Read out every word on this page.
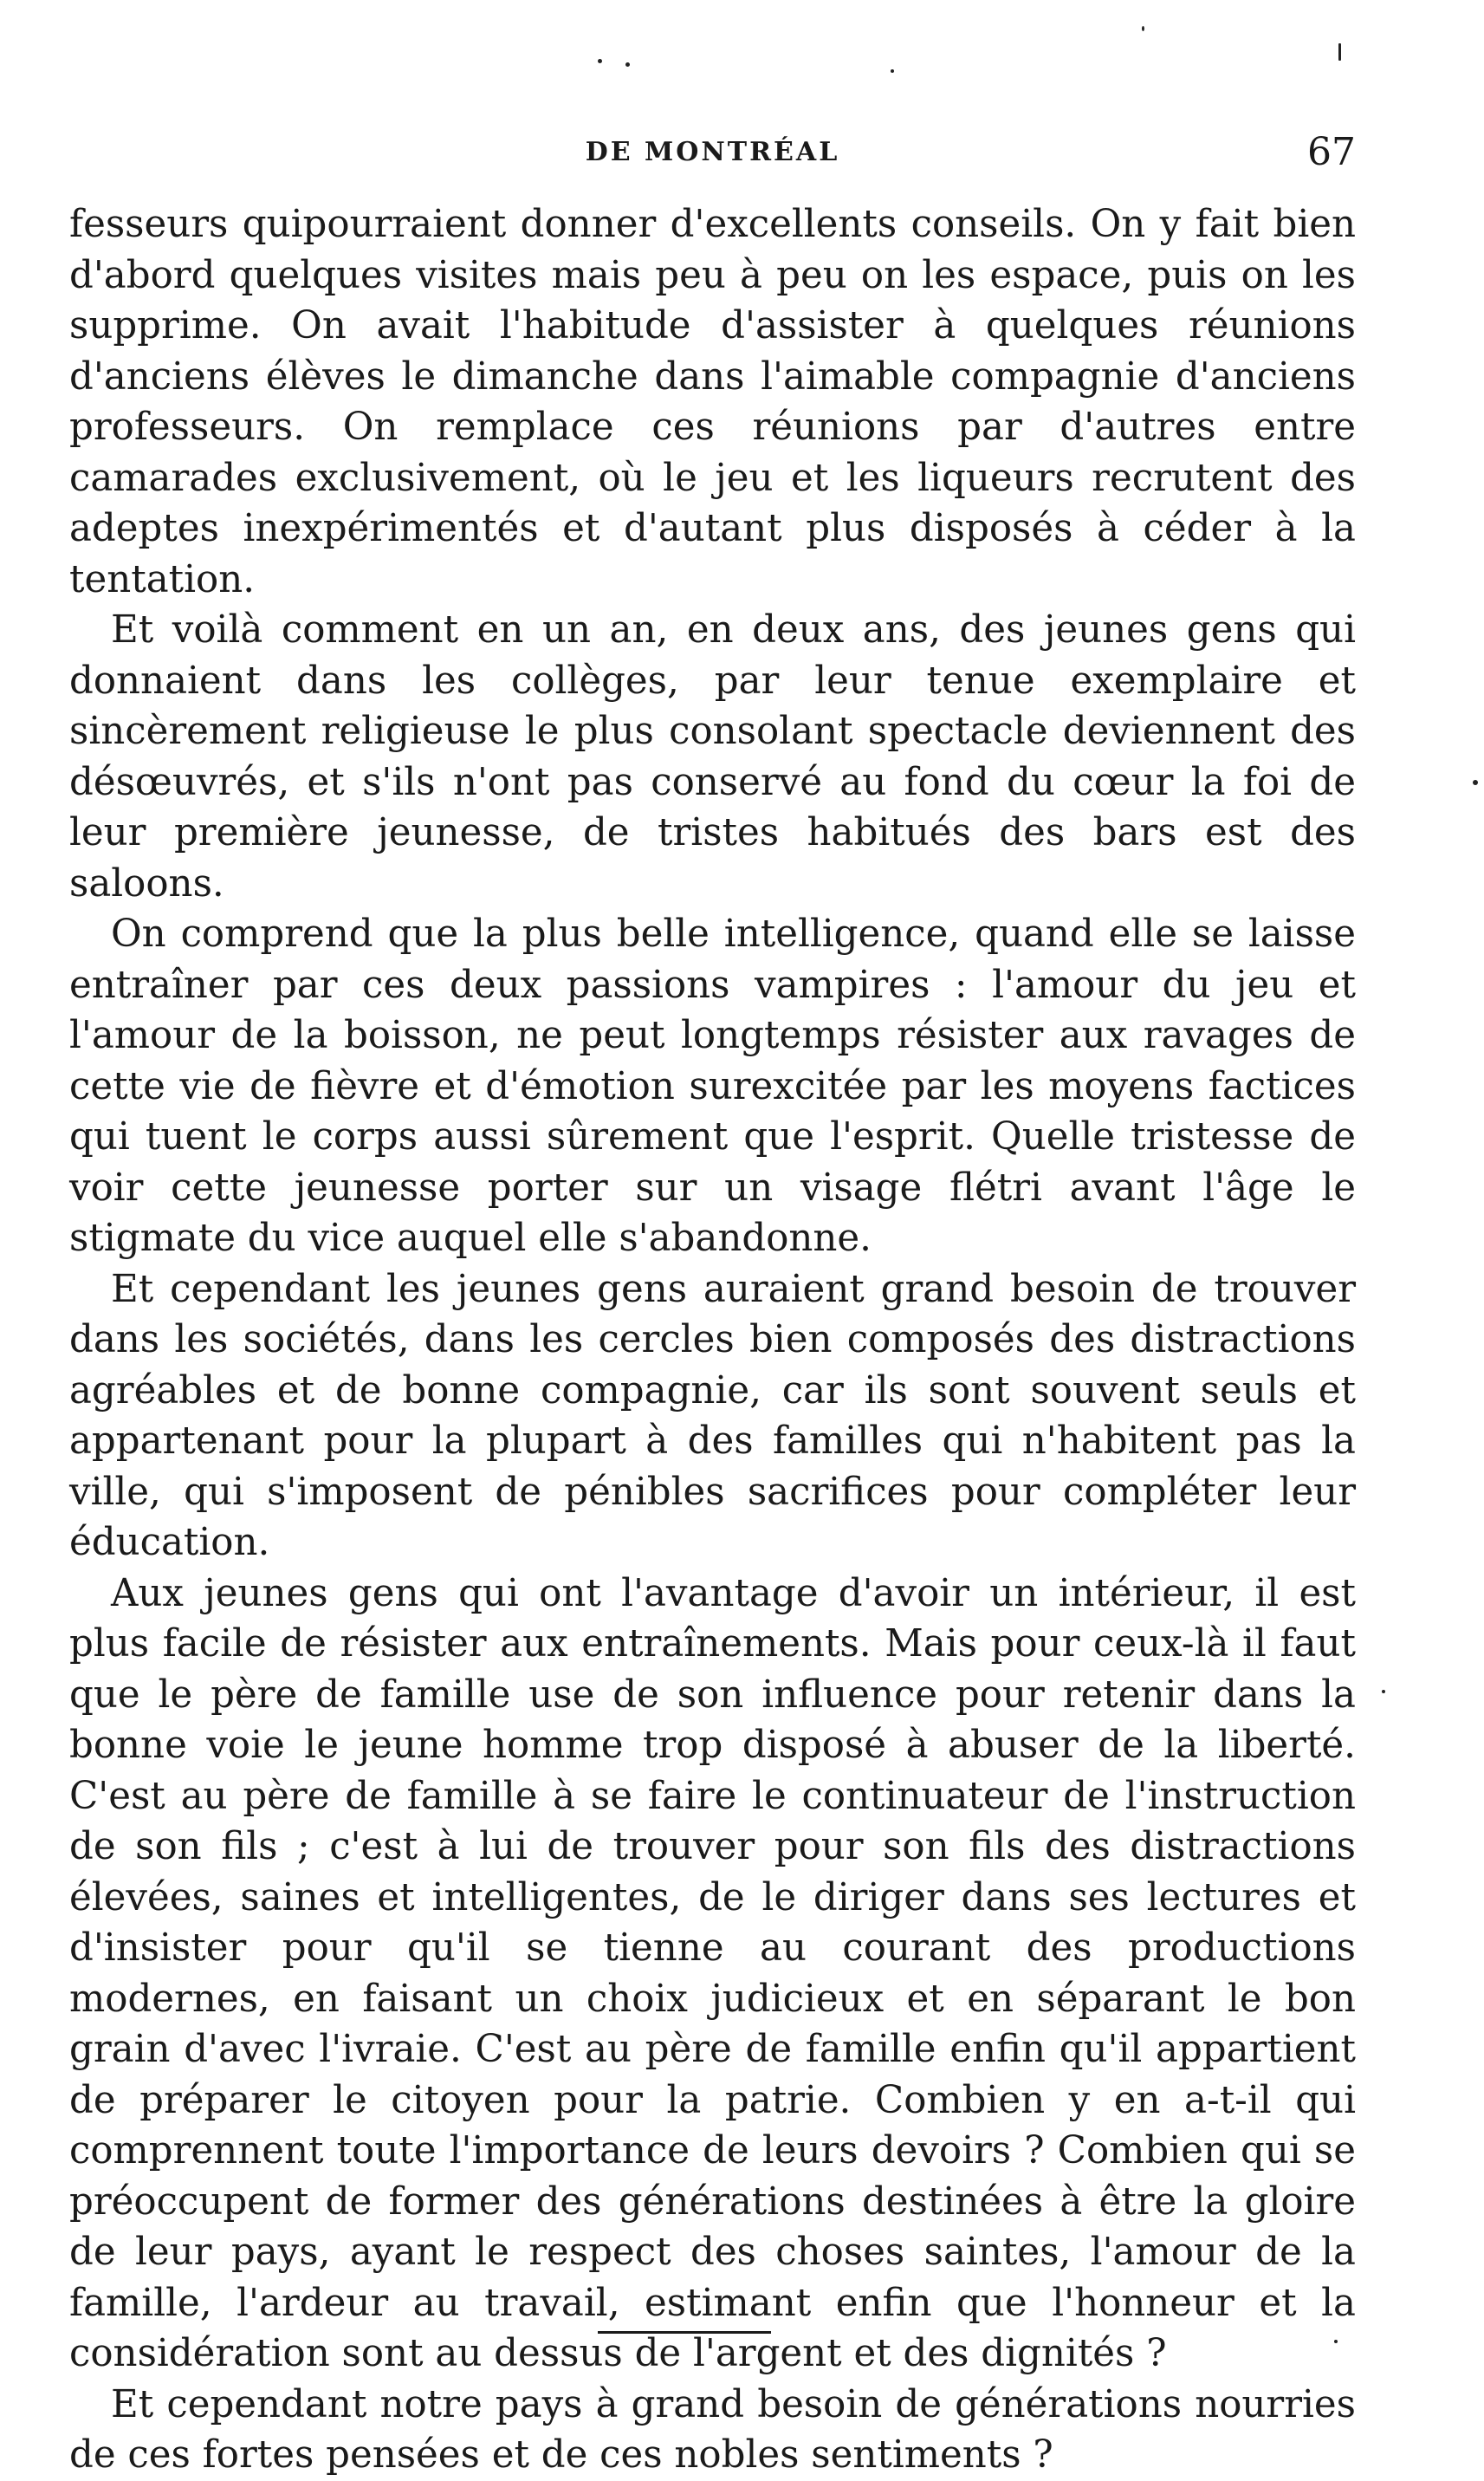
DE MONTRÉAL	67

fesseurs quipourraient donner d'excellents conseils. On y fait bien d'abord quelques visites mais peu à peu on les espace, puis on les supprime. On avait l'habitude d'assister à quelques réunions d'anciens élèves le dimanche dans l'aimable compagnie d'anciens professeurs. On remplace ces réunions par d'autres entre camarades exclusivement, où le jeu et les liqueurs recrutent des adeptes inexpérimentés et d'autant plus disposés à céder à la tentation.

Et voilà comment en un an, en deux ans, des jeunes gens qui donnaient dans les collèges, par leur tenue exemplaire et sincèrement religieuse le plus consolant spectacle deviennent des désœuvrés, et s'ils n'ont pas conservé au fond du cœur la foi de leur première jeunesse, de tristes habitués des bars est des saloons.

On comprend que la plus belle intelligence, quand elle se laisse entraîner par ces deux passions vampires : l'amour du jeu et l'amour de la boisson, ne peut longtemps résister aux ravages de cette vie de fièvre et d'émotion surexcitée par les moyens factices qui tuent le corps aussi sûrement que l'esprit. Quelle tristesse de voir cette jeunesse porter sur un visage flétri avant l'âge le stigmate du vice auquel elle s'abandonne.

Et cependant les jeunes gens auraient grand besoin de trouver dans les sociétés, dans les cercles bien composés des distractions agréables et de bonne compagnie, car ils sont souvent seuls et appartenant pour la plupart à des familles qui n'habitent pas la ville, qui s'imposent de pénibles sacrifices pour compléter leur éducation.

Aux jeunes gens qui ont l'avantage d'avoir un intérieur, il est plus facile de résister aux entraînements. Mais pour ceux-là il faut que le père de famille use de son influence pour retenir dans la bonne voie le jeune homme trop disposé à abuser de la liberté. C'est au père de famille à se faire le continuateur de l'instruction de son fils ; c'est à lui de trouver pour son fils des distractions élevées, saines et intelligentes, de le diriger dans ses lectures et d'insister pour qu'il se tienne au courant des productions modernes, en faisant un choix judicieux et en séparant le bon grain d'avec l'ivraie. C'est au père de famille enfin qu'il appartient de préparer le citoyen pour la patrie. Combien y en a-t-il qui comprennent toute l'importance de leurs devoirs ? Combien qui se préoccupent de former des générations destinées à être la gloire de leur pays, ayant le respect des choses saintes, l'amour de la famille, l'ardeur au travail, estimant enfin que l'honneur et la considération sont au dessus de l'argent et des dignités ?

Et cependant notre pays à grand besoin de générations nourries de ces fortes pensées et de ces nobles sentiments ?
